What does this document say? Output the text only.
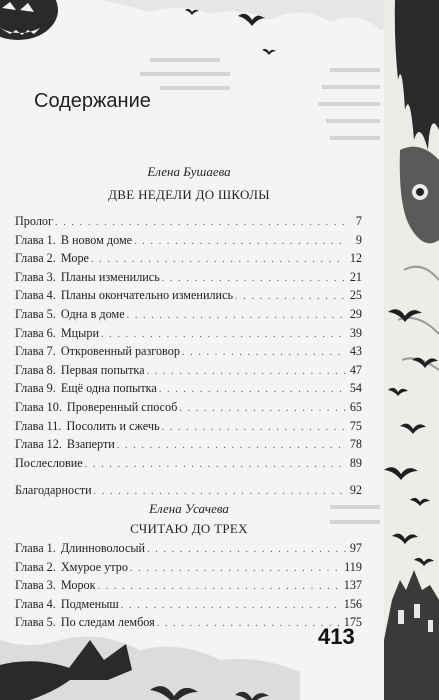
Содержание
Елена Бушаева
ДВЕ НЕДЕЛИ ДО ШКОЛЫ
Пролог . . .	7
Глава 1. В новом доме . . .	9
Глава 2. Море . . .	12
Глава 3. Планы изменились . . .	21
Глава 4. Планы окончательно изменились . . .	25
Глава 5. Одна в доме . . .	29
Глава 6. Мцыри . . .	39
Глава 7. Откровенный разговор . . .	43
Глава 8. Первая попытка . . .	47
Глава 9. Ещё одна попытка . . .	54
Глава 10. Проверенный способ . . .	65
Глава 11. Посолить и сжечь . . .	75
Глава 12. Взаперти . . .	78
Послесловие . . .	89
Благодарности . . .	92
Елена Усачева
СЧИТАЮ ДО ТРЕХ
Глава 1. Длинноволосый . . .	97
Глава 2. Хмурое утро . . .	119
Глава 3. Морок . . .	137
Глава 4. Подменыш . . .	156
Глава 5. По следам лембоя . . .	175
413
